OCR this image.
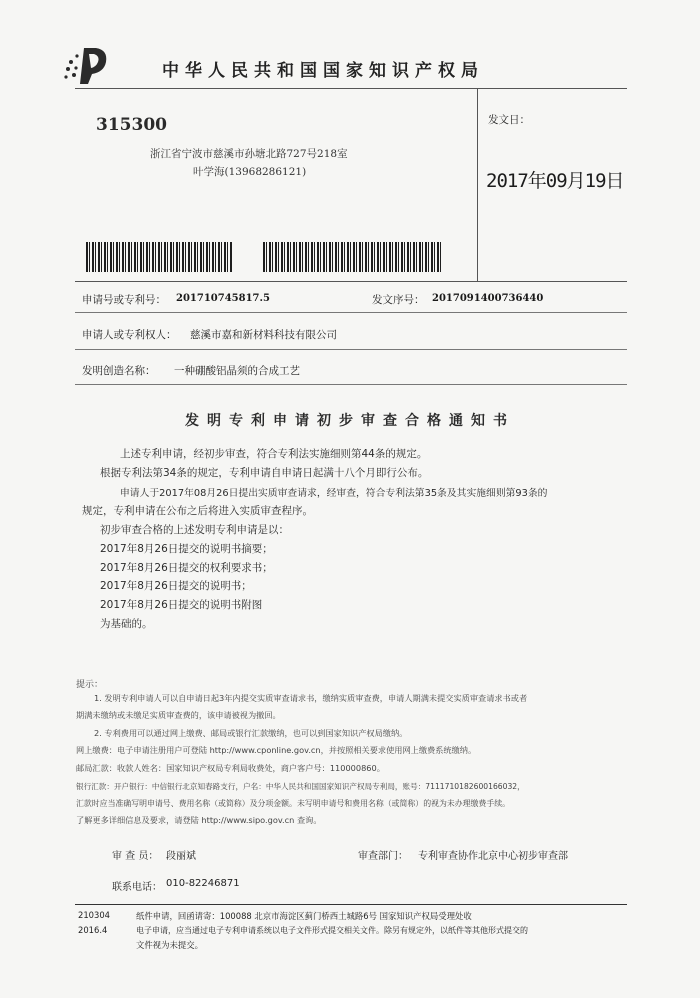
中华人民共和国国家知识产权局
315300
浙江省宁波市慈溪市孙塘北路727号218室
叶学海(13968286121)
发文日：
2017年09月19日
申请号或专利号： 201710745817.5	发文序号： 2017091400736440
申请人或专利权人： 慈溪市嘉和新材料科技有限公司
发明创造名称： 一种硼酸铝晶须的合成工艺
发明专利申请初步审查合格通知书
上述专利申请，经初步审查，符合专利法实施细则第44条的规定。
根据专利法第34条的规定，专利申请自申请日起满十八个月即行公布。
申请人于2017年08月26日提出实质审查请求，经审查，符合专利法第35条及其实施细则第93条的
规定，专利申请在公布之后将进入实质审查程序。
初步审查合格的上述发明专利申请是以：
2017年8月26日提交的说明书摘要；
2017年8月26日提交的权利要求书；
2017年8月26日提交的说明书；
2017年8月26日提交的说明书附图
为基础的。
提示：
1. 发明专利申请人可以自申请日起3年内提交实质审查请求书，缴纳实质审查费，申请人期满未提交实质审查请求书或者
期满未缴纳或未缴足实质审查费的，该申请被视为撤回。
2. 专利费用可以通过网上缴费、邮局或银行汇款缴纳，也可以到国家知识产权局缴纳。
网上缴费：电子申请注册用户可登陆 http://www.cponline.gov.cn，并按照相关要求使用网上缴费系统缴纳。
邮局汇款：收款人姓名：国家知识产权局专利局收费处，商户客户号：110000860。
银行汇款：开户银行：中信银行北京知春路支行，户名：中华人民共和国国家知识产权局专利局，账号：7111710182600166032，
汇款时应当准确写明申请号、费用名称（或简称）及分项金额。未写明申请号和费用名称（或简称）的视为未办理缴费手续。
了解更多详细信息及要求，请登陆 http://www.sipo.gov.cn 查询。
审 查 员： 段丽斌	审查部门： 专利审查协作北京中心初步审查部
联系电话： 010-82246871
210304
2016.4
纸件申请，回函请寄：100088 北京市海淀区蓟门桥西土城路6号 国家知识产权局受理处收
电子申请，应当通过电子专利申请系统以电子文件形式提交相关文件。除另有规定外，以纸件等其他形式提交的
文件视为未提交。
